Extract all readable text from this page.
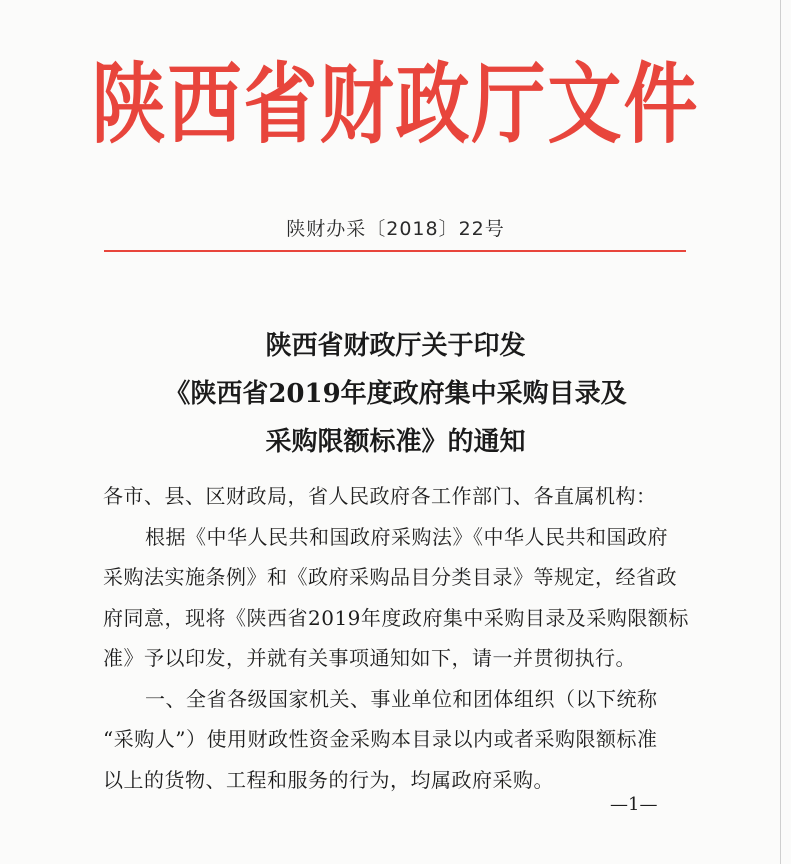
陕西省财政厅文件
陕财办采〔2018〕22号
陕西省财政厅关于印发
《陕西省2019年度政府集中采购目录及
采购限额标准》的通知
各市、县、区财政局，省人民政府各工作部门、各直属机构：
根据《中华人民共和国政府采购法》《中华人民共和国政府
采购法实施条例》和《政府采购品目分类目录》等规定，经省政
府同意，现将《陕西省2019年度政府集中采购目录及采购限额标
准》予以印发，并就有关事项通知如下，请一并贯彻执行。
一、全省各级国家机关、事业单位和团体组织（以下统称
“采购人”）使用财政性资金采购本目录以内或者采购限额标准
以上的货物、工程和服务的行为，均属政府采购。
—1—
